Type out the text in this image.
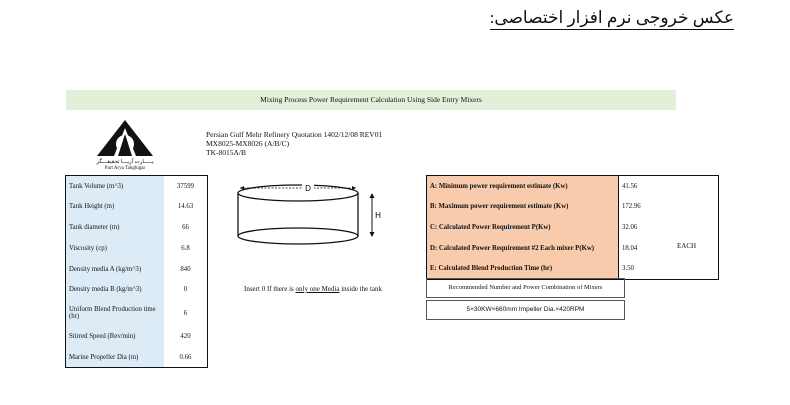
عکس خروجی نرم افزار اختصاصی:
Mixing Process Power Requirement Calculation Using Side Entry Mixers
پـــــارت آریـــا تحقیقـــگر
Part Arya Tahghigar
Persian Gulf Mehr Refinery Quotation 1402/12/08 REV01
MX8025-MX8026 (A/B/C)
TK-8015A/B
Tank Volume (m^3)	37599
Tank Height (m)	14.63
Tank diameter (m)	66
Viscosity (cp)	6.8
Density media A (kg/m^3)	840
Density media B (kg/m^3)	0
Uniform Blend Production time (hr)	6
Stirred Speed (Rev/min)	420
Marine Propeller Dia (m)	0.66
D
H
Insert 0 If there is only one Media inside the tank
A: Minimum power requirement estimate (Kw)	41.56
B: Maximum power requirement estimate (Kw)	172.96
C: Calculated Power Requirement P(Kw)	32.06
D: Calculated Power Requirement #2 Each mixer P(Kw)	18.04
E: Calculated Blend Production Time (hr)	3.50
EACH
Recommended Number and Power Combination of Mixers
5×30KW×660mm Impeller Dia.×420RPM
